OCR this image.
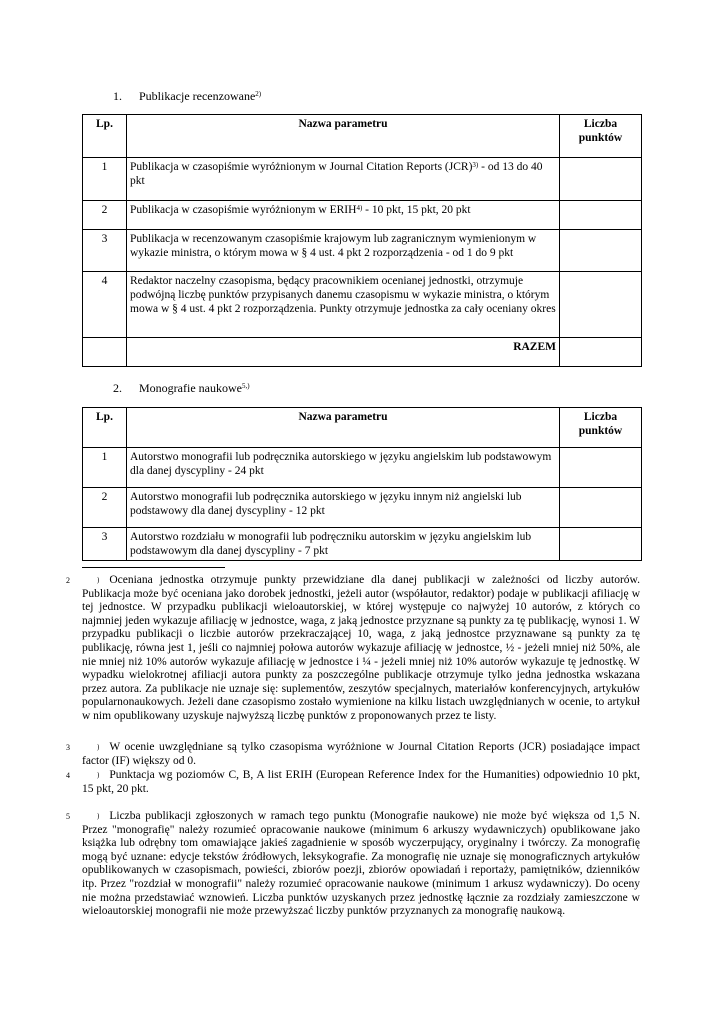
1. Publikacje recenzowane$^{2)}$
Lp.	Nazwa parametru	Liczba punktów
1	Publikacja w czasopiśmie wyróżnionym w Journal Citation Reports (JCR)$^{3)}$ - od 13 do 40 pkt	
2	Publikacja w czasopiśmie wyróżnionym w ERIH$^{4)}$ - 10 pkt, 15 pkt, 20 pkt	
3	Publikacja w recenzowanym czasopiśmie krajowym lub zagranicznym wymienionym w wykazie ministra, o którym mowa w § 4 ust. 4 pkt 2 rozporządzenia - od 1 do 9 pkt	
4	Redaktor naczelny czasopisma, będący pracownikiem ocenianej jednostki, otrzymuje podwójną liczbę punktów przypisanych danemu czasopismu w wykazie ministra, o którym mowa w § 4 ust. 4 pkt 2 rozporządzenia. Punkty otrzymuje jednostka za cały oceniany okres	
	RAZEM	
2. Monografie naukowe$^{5,)}$
Lp.	Nazwa parametru	Liczba punktów
1	Autorstwo monografii lub podręcznika autorskiego w języku angielskim lub podstawowym dla danej dyscypliny - 24 pkt	
2	Autorstwo monografii lub podręcznika autorskiego w języku innym niż angielski lub podstawowy dla danej dyscypliny - 12 pkt	
3	Autorstwo rozdziału w monografii lub podręczniku autorskim w języku angielskim lub podstawowym dla danej dyscypliny - 7 pkt	
2	) Oceniana jednostka otrzymuje punkty przewidziane dla danej publikacji w zależności od liczby autorów. Publikacja może być oceniana jako dorobek jednostki, jeżeli autor (współautor, redaktor) podaje w publikacji afiliację w tej jednostce. W przypadku publikacji wieloautorskiej, w której występuje co najwyżej 10 autorów, z których co najmniej jeden wykazuje afiliację w jednostce, waga, z jaką jednostce przyznane są punkty za tę publikację, wynosi 1. W przypadku publikacji o liczbie autorów przekraczającej 10, waga, z jaką jednostce przyznawane są punkty za tę publikację, równa jest 1, jeśli co najmniej połowa autorów wykazuje afiliację w jednostce, ½ - jeżeli mniej niż 50%, ale nie mniej niż 10% autorów wykazuje afiliację w jednostce i ¼ - jeżeli mniej niż 10% autorów wykazuje tę jednostkę. W wypadku wielokrotnej afiliacji autora punkty za poszczególne publikacje otrzymuje tylko jedna jednostka wskazana przez autora. Za publikacje nie uznaje się: suplementów, zeszytów specjalnych, materiałów konferencyjnych, artykułów popularnonaukowych. Jeżeli dane czasopismo zostało wymienione na kilku listach uwzględnianych w ocenie, to artykuł w nim opublikowany uzyskuje najwyższą liczbę punktów z proponowanych przez te listy.
3	) W ocenie uwzględniane są tylko czasopisma wyróżnione w Journal Citation Reports (JCR) posiadające impact factor (IF) większy od 0.
4	) Punktacja wg poziomów C, B, A list ERIH (European Reference Index for the Humanities) odpowiednio 10 pkt, 15 pkt, 20 pkt.
5	) Liczba publikacji zgłoszonych w ramach tego punktu (Monografie naukowe) nie może być większa od 1,5 N. Przez "monografię" należy rozumieć opracowanie naukowe (minimum 6 arkuszy wydawniczych) opublikowane jako książka lub odrębny tom omawiające jakieś zagadnienie w sposób wyczerpujący, oryginalny i twórczy. Za monografię mogą być uznane: edycje tekstów źródłowych, leksykografie. Za monografię nie uznaje się monograficznych artykułów opublikowanych w czasopismach, powieści, zbiorów poezji, zbiorów opowiadań i reportaży, pamiętników, dzienników itp. Przez "rozdział w monografii" należy rozumieć opracowanie naukowe (minimum 1 arkusz wydawniczy). Do oceny nie można przedstawiać wznowień. Liczba punktów uzyskanych przez jednostkę łącznie za rozdziały zamieszczone w wieloautorskiej monografii nie może przewyższać liczby punktów przyznanych za monografię naukową.
